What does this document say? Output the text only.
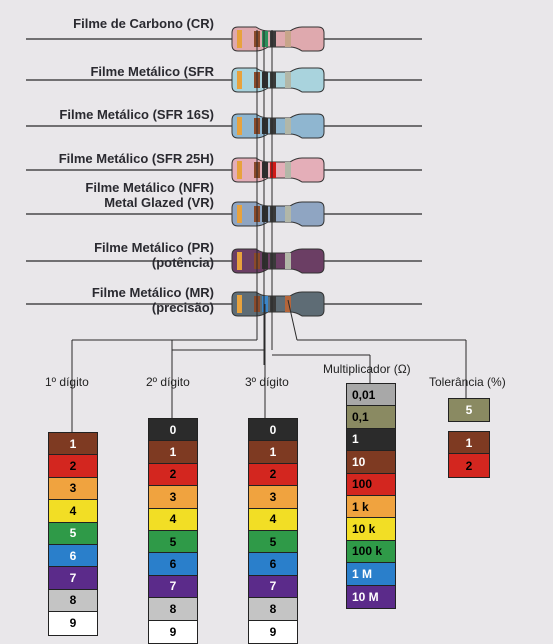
Filme de Carbono (CR)
Filme Metálico (SFR
Filme Metálico (SFR 16S)
Filme Metálico (SFR 25H)
Filme Metálico (NFR)
Metal Glazed (VR)
Filme Metálico (PR)
(potência)
Filme Metálico (MR)
(precisão)
1º dígito	2º dígito	3º dígito
Multiplicador (Ω)
Tolerância (%)
1
2
3
4
5
6
7
8
9
0
1
2
3
4
5
6
7
8
9
0
1
2
3
4
5
6
7
8
9
0,01
0,1
1
10
100
1 k
10 k
100 k
1 M
10 M
5
1
2
